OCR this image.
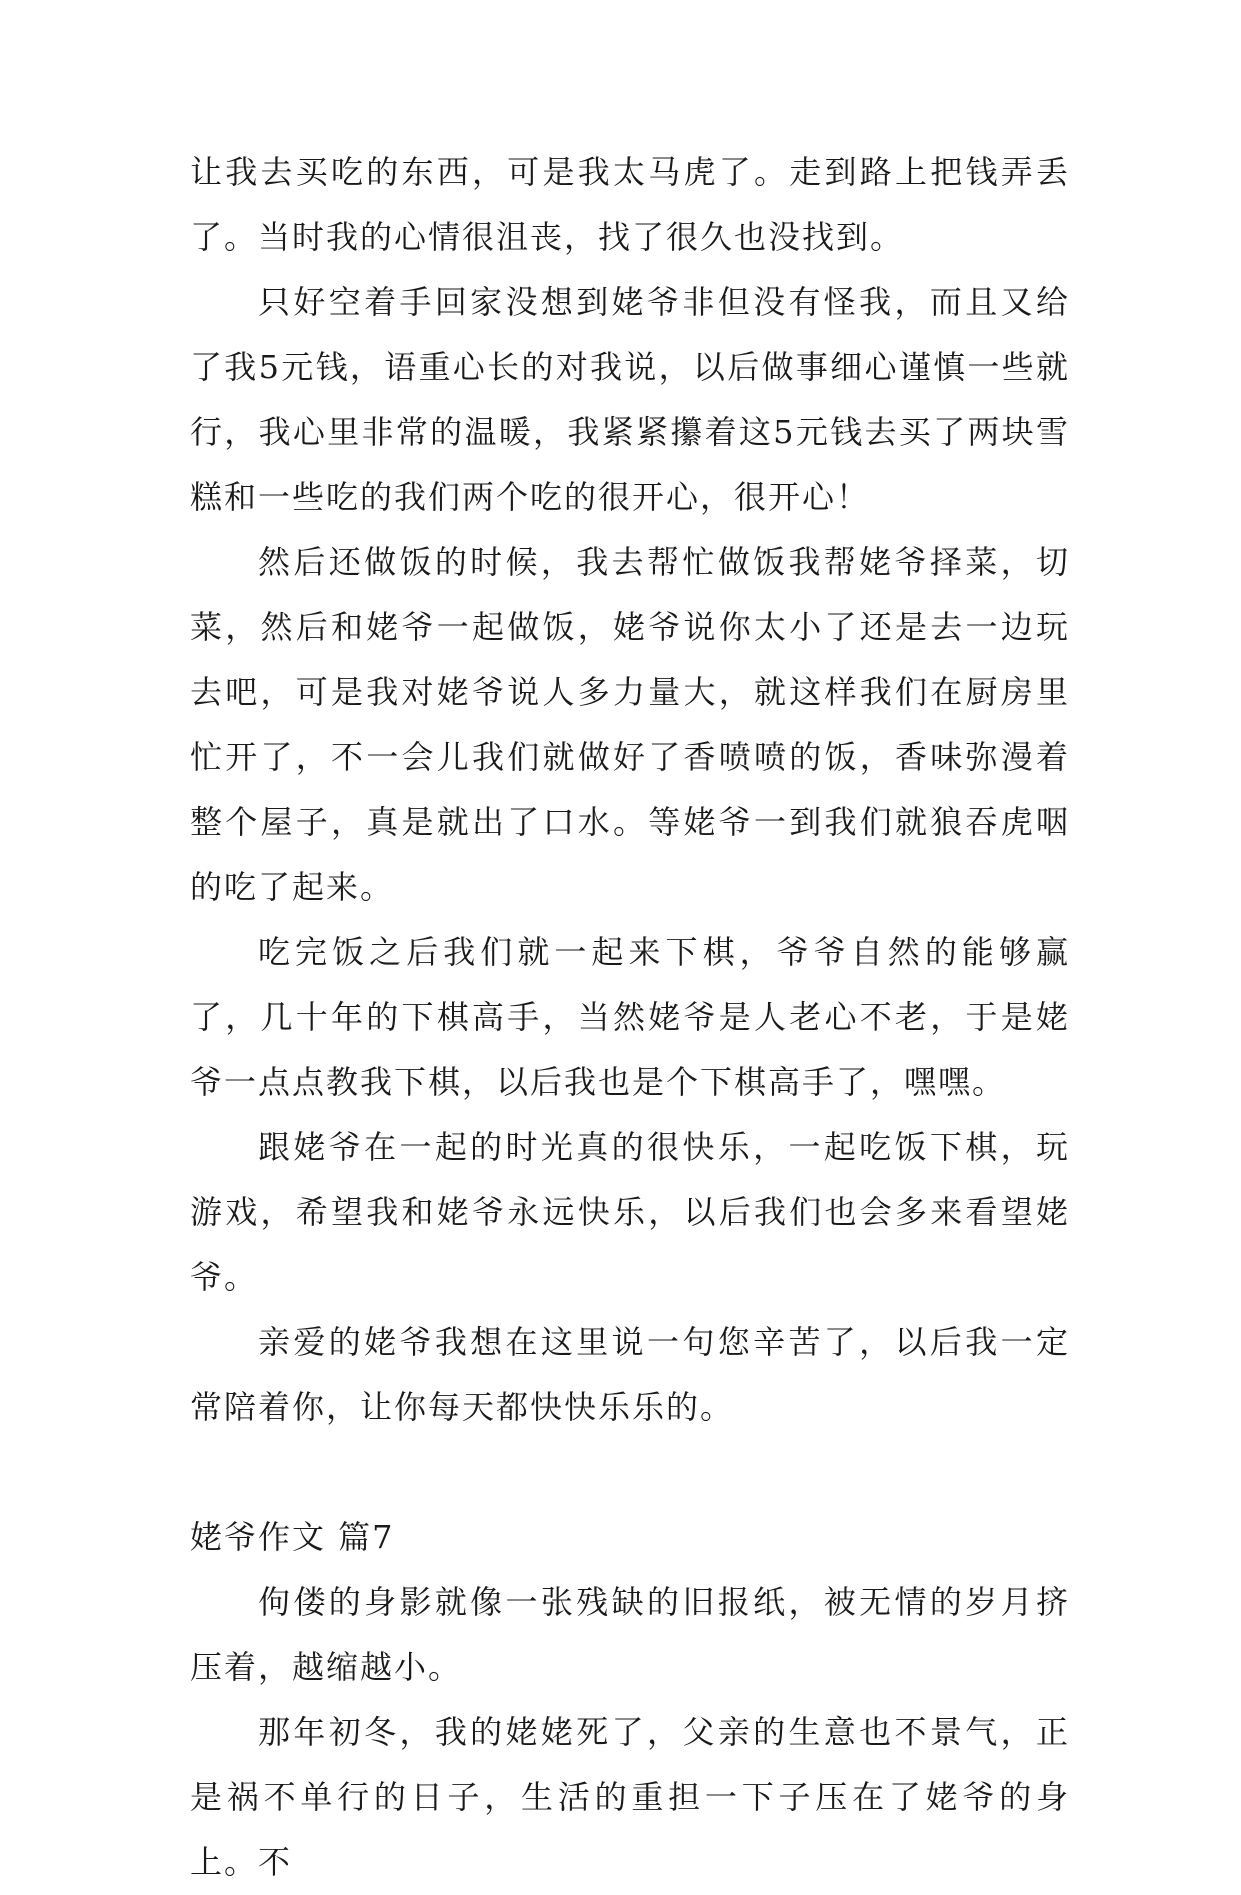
让我去买吃的东西，可是我太马虎了。走到路上把钱弄丢了。当时我的心情很沮丧，找了很久也没找到。

只好空着手回家没想到姥爷非但没有怪我，而且又给了我5元钱，语重心长的对我说，以后做事细心谨慎一些就行，我心里非常的温暖，我紧紧攥着这5元钱去买了两块雪糕和一些吃的我们两个吃的很开心，很开心！

然后还做饭的时候，我去帮忙做饭我帮姥爷择菜，切菜，然后和姥爷一起做饭，姥爷说你太小了还是去一边玩去吧，可是我对姥爷说人多力量大，就这样我们在厨房里忙开了，不一会儿我们就做好了香喷喷的饭，香味弥漫着整个屋子，真是就出了口水。等姥爷一到我们就狼吞虎咽的吃了起来。

吃完饭之后我们就一起来下棋，爷爷自然的能够赢了，几十年的下棋高手，当然姥爷是人老心不老，于是姥爷一点点教我下棋，以后我也是个下棋高手了，嘿嘿。

跟姥爷在一起的时光真的很快乐，一起吃饭下棋，玩游戏，希望我和姥爷永远快乐，以后我们也会多来看望姥爷。

亲爱的姥爷我想在这里说一句您辛苦了，以后我一定常陪着你，让你每天都快快乐乐的。

姥爷作文 篇7

佝偻的身影就像一张残缺的旧报纸，被无情的岁月挤压着，越缩越小。

那年初冬，我的姥姥死了，父亲的生意也不景气，正是祸不单行的日子，生活的重担一下子压在了姥爷的身上。不
